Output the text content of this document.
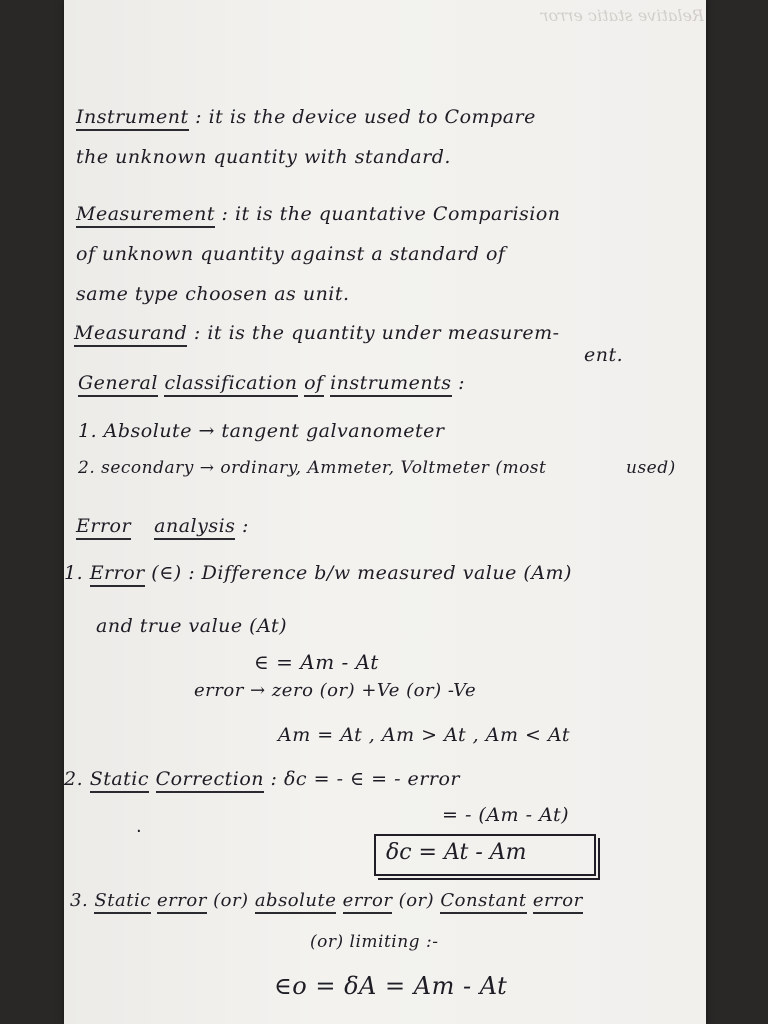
Relative static error
Instrument : it is the device used to Compare
the unknown quantity with standard.
Measurement : it is the quantative Comparision
of unknown quantity against a standard of
same type choosen as unit.
Measurand : it is the quantity under measurem-
ent.
General classification of instruments :
1. Absolute → tangent galvanometer
2. secondary → ordinary, Ammeter, Voltmeter (most	used)
Error analysis :
1. Error (∈) : Difference b/w measured value (Am)
and true value (At)
∈ = Am - At
error → zero (or) +Ve (or) -Ve
Am = At , Am > At , Am < At
2. Static Correction : δc = - ∈ = - error
= - (Am - At)
.
δc = At - Am
3. Static error (or) absolute error (or) Constant error
(or) limiting :-
∈o = δA = Am - At
